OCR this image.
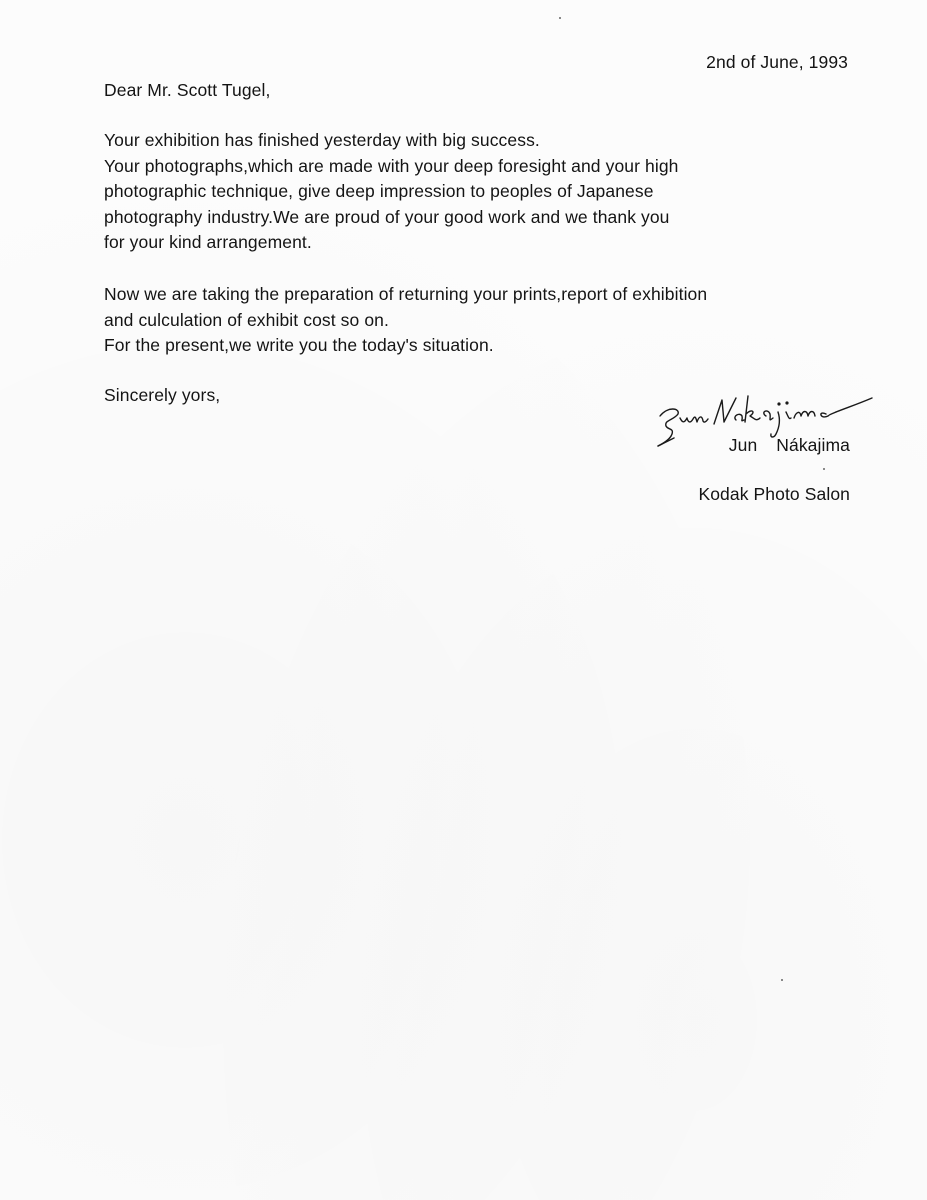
2nd of June, 1993
Dear Mr. Scott Tugel,
Your exhibition has finished yesterday with big success.
Your photographs,which are made with your deep foresight and your high
photographic technique, give deep impression to peoples of Japanese
photography industry.We are proud of your good work and we thank you
for your kind arrangement.
Now we are taking the preparation of returning your prints,report of exhibition
and culculation of exhibit cost so on.
For the present,we write you the today's situation.
Sincerely yors,
Jun Nákajima
Kodak Photo Salon
